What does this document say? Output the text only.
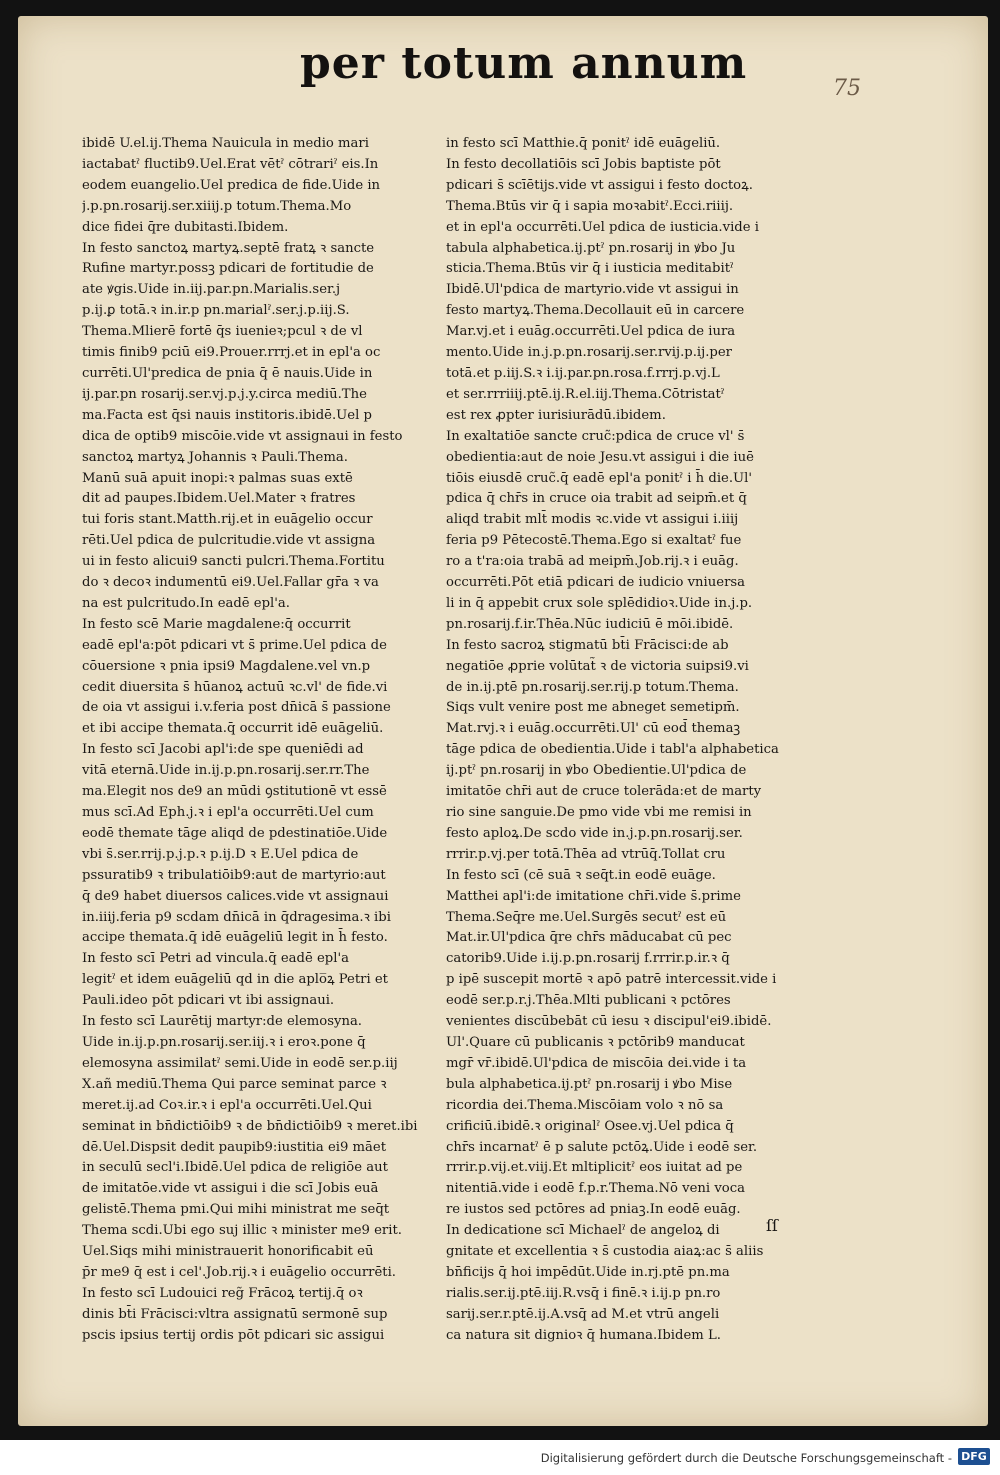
per totum annum	75
ibidē U.el.ij.Thema Nauicula in medio mari
iactabatˀ fluctib9.Uel.Erat vētˀ cōtrariˀ eis.In
eodem euangelio.Uel predica de fide.Uide in
j.p.pn.rosarij.ser.xiiij.p totum.Thema.Mo
dice fidei q̄re dubitasti.Ibidem.
In festo sanctoꝝ martyꝝ.septē fratꝝ ꝛ sancte
Rufine martyr.possꝫ pdicari de fortitudie de
ate ꝟgis.Uide in.iij.par.pn.Marialis.ser.j
p.ij.ꝑ totā.ꝛ in.ir.p pn.marialˀ.ser.j.p.iij.S.
Thema.Mlierē fortē q̄s iuenieꝛ;pcul ꝛ de vl
timis finib9 pciū ei9.Prouer.rrrj.et in epl'a oc
currēti.Ul'predica de pnia q̄ ē nauis.Uide in
ij.par.pn rosarij.ser.vj.p.j.y.circa mediū.The
ma.Facta est q̄si nauis institoris.ibidē.Uel p
dica de optib9 miscōie.vide vt assignaui in festo
sanctoꝝ martyꝝ Johannis ꝛ Pauli.Thema.
Manū suā apuit inopi:ꝛ palmas suas extē
dit ad paupes.Ibidem.Uel.Mater ꝛ fratres
tui foris stant.Matth.rij.et in euāgelio occur
rēti.Uel pdica de pulcritudie.vide vt assigna
ui in festo alicui9 sancti pulcri.Thema.Fortitu
do ꝛ decoꝛ indumentū ei9.Uel.Fallar gr̄a ꝛ va
na est pulcritudo.In eadē epl'a.
In festo scē Marie magdalene:q̄ occurrit
eadē epl'a:pōt pdicari vt s̄ prime.Uel pdica de
cōuersione ꝛ pnia ipsi9 Magdalene.vel vn.p
cedit diuersita s̄ hūanoꝝ actuū ꝛc.vl' de fide.vi
de oia vt assigui i.v.feria post dn̄icā s̄ passione
et ibi accipe themata.q̄ occurrit idē euāgeliū.
In festo scī Jacobi apl'i:de spe queniēdi ad
vitā eternā.Uide in.ij.p.pn.rosarij.ser.rr.The
ma.Elegit nos de9 an mūdi ꝯstitutionē vt essē
mus scī.Ad Eph.j.ꝛ i epl'a occurrēti.Uel cum
eodē themate tāge aliqd de pdestinatiōe.Uide
vbi s̄.ser.rrij.p.j.p.ꝛ p.ij.D ꝛ E.Uel pdica de
pssuratib9 ꝛ tribulatiōib9:aut de martyrio:aut
q̄ de9 habet diuersos calices.vide vt assignaui
in.iiij.feria p9 scdam dn̄icā in q̄dragesima.ꝛ ibi
accipe themata.q̄ idē euāgeliū legit in h̄ festo.
In festo scī Petri ad vincula.q̄ eadē epl'a
legitˀ et idem euāgeliū qd in die aplo̅ꝝ Petri et
Pauli.ideo pōt pdicari vt ibi assignaui.
In festo scī Laurētij martyr:de elemosyna.
Uide in.ij.p.pn.rosarij.ser.iij.ꝛ i eroꝛ.pone q̄
elemosyna assimilatˀ semi.Uide in eodē ser.p.iij
X.añ mediū.Thema Qui parce seminat parce ꝛ
meret.ij.ad Coꝛ.ir.ꝛ i epl'a occurrēti.Uel.Qui
seminat in bn̄dictiōib9 ꝛ de bn̄dictiōib9 ꝛ meret.ibi
dē.Uel.Dispsit dedit paupib9:iustitia ei9 māet
in seculū secl'i.Ibidē.Uel pdica de religiōe aut
de imitatōe.vide vt assigui i die scī Jobis euā
gelistē.Thema pmi.Qui mihi ministrat me seq̄t
Thema scdi.Ubi ego suj illic ꝛ minister me9 erit.
Uel.Siqs mihi ministrauerit honorificabit eū
p̄r me9 q̄ est i cel'.Job.rij.ꝛ i euāgelio occurrēti.
In festo scī Ludouici reg̃ Frācoꝝ tertij.q̄ oꝛ
dinis bt̄i Frācisci:vltra assignatū sermonē sup
pscis ipsius tertij ordis pōt pdicari sic assigui
in festo scī Matthie.q̄ ponitˀ idē euāgeliū.
In festo decollatiōis scī Jobis baptiste pōt
pdicari s̄ scīētijs.vide vt assigui i festo doctoꝝ.
Thema.Btūs vir q̄ i sapia moꝛabitˀ.Ecci.riiij.
et in epl'a occurrēti.Uel pdica de iusticia.vide i
tabula alphabetica.ij.ptˀ pn.rosarij in ꝟbo Ju
sticia.Thema.Btūs vir q̄ i iusticia meditabitˀ
Ibidē.Ul'pdica de martyrio.vide vt assigui in
festo martyꝝ.Thema.Decollauit eū in carcere
Mar.vj.et i euāg.occurrēti.Uel pdica de iura
mento.Uide in.j.p.pn.rosarij.ser.rvij.p.ij.per
totā.et p.iij.S.ꝛ i.ij.par.pn.rosa.f.rrrj.p.vj.L
et ser.rrriiij.ptē.ij.R.el.iij.Thema.Cōtristatˀ
est rex ꝓpter iurisiurādū.ibidem.
In exaltatiōe sancte cruc̃:pdica de cruce vl' s̄
obedientia:aut de noie Jesu.vt assigui i die iuē
tiōis eiusdē cruc̃.q̄ eadē epl'a ponitˀ i h̄ die.Ul'
pdica q̄ chr̄s in cruce oia trabit ad seipm̄.et q̄
aliqd trabit mlt̄ modis ꝛc.vide vt assigui i.iiij
feria p9 Pētecostē.Thema.Ego si exaltatˀ fue
ro a t'ra:oia trabā ad meipm̄.Job.rij.ꝛ i euāg.
occurrēti.Pōt etiā pdicari de iudicio vniuersa
li in q̄ appebit crux sole splēdidioꝛ.Uide in.j.p.
pn.rosarij.f.ir.Thēa.Nūc iudiciū ē mōi.ibidē.
In festo sacroꝝ stigmatū bt̄i Frācisci:de ab
negatiōe ꝓprie volūtat̃ ꝛ de victoria suipsi9.vi
de in.ij.ptē pn.rosarij.ser.rij.p totum.Thema.
Siqs vult venire post me abneget semetipm̄.
Mat.rvj.ꝛ i euāg.occurrēti.Ul' cū eod̄ themaꝫ
tāge pdica de obedientia.Uide i tabl'a alphabetica
ij.ptˀ pn.rosarij in ꝟbo Obedientie.Ul'pdica de
imitatōe chr̄i aut de cruce tolerāda:et de marty
rio sine sanguie.De pmo vide vbi me remisi in
festo aploꝝ.De scdo vide in.j.p.pn.rosarij.ser.
rrrir.p.vj.per totā.Thēa ad vtrūq̄.Tollat cru
In festo scī (cē suā ꝛ seq̄t.in eodē euāge.
Matthei apl'i:de imitatione chr̄i.vide s̄.prime
Thema.Seq̄re me.Uel.Surgēs secutˀ est eū
Mat.ir.Ul'pdica q̄re chr̄s māducabat cū pec
catorib9.Uide i.ij.p.pn.rosarij f.rrrir.p.ir.ꝛ q̄
p ipē suscepit mortē ꝛ apō patrē intercessit.vide i
eodē ser.p.r.j.Thēa.Mlti publicani ꝛ pctōres
venientes discūbebāt cū iesu ꝛ discipul'ei9.ibidē.
Ul'.Quare cū publicanis ꝛ pctōrib9 manducat
mgr̄ vr̄.ibidē.Ul'pdica de miscōia dei.vide i ta
bula alphabetica.ij.ptˀ pn.rosarij i ꝟbo Mise
ricordia dei.Thema.Miscōiam volo ꝛ nō sa
crificiū.ibidē.ꝛ originalˀ Osee.vj.Uel pdica q̄
chr̄s incarnatˀ ē p salute pctōꝝ.Uide i eodē ser.
rrrir.p.vij.et.viij.Et mltiplicitˀ eos iuitat ad pe
nitentiā.vide i eodē f.p.r.Thema.Nō veni voca
re iustos sed pctōres ad pniaꝫ.In eodē euāg.
In dedicatione scī Michaelˀ de angeloꝝ di
gnitate et excellentia ꝛ s̄ custodia aiaꝝ:ac s̄ aliis
bn̄ficijs q̄ hoi impēdūt.Uide in.rj.ptē pn.ma
rialis.ser.ij.ptē.iij.R.vsq̄ i finē.ꝛ i.ij.p pn.ro
sarij.ser.r.ptē.ij.A.vsq̄ ad M.et vtrū angeli
ca natura sit dignioꝛ q̄ humana.Ibidem L.
ſſ
Digitalisierung gefördert durch die Deutsche Forschungsgemeinschaft - DFG
